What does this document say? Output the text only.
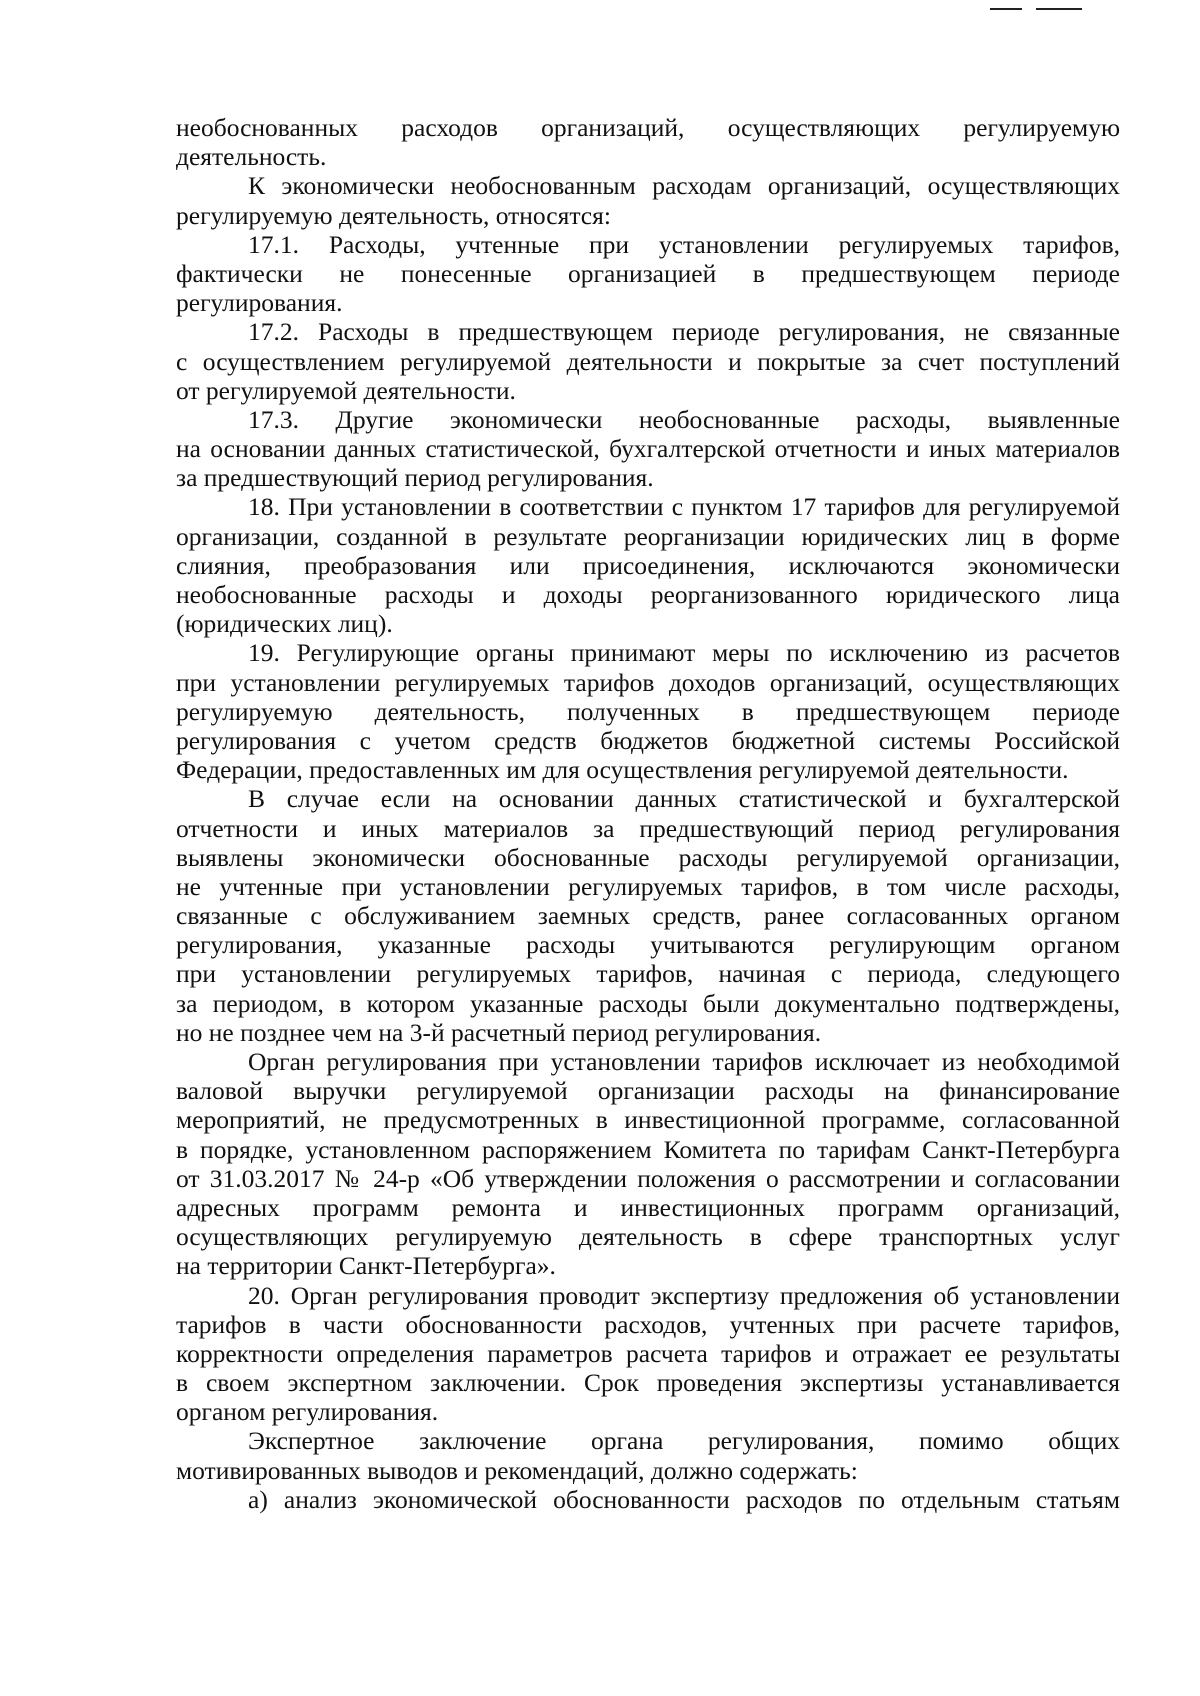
необоснованных расходов организаций, осуществляющих регулируемую
деятельность.
К экономически необоснованным расходам организаций, осуществляющих
регулируемую деятельность, относятся:
17.1. Расходы, учтенные при установлении регулируемых тарифов,
фактически не понесенные организацией в предшествующем периоде
регулирования.
17.2. Расходы в предшествующем периоде регулирования, не связанные
с осуществлением регулируемой деятельности и покрытые за счет поступлений
от регулируемой деятельности.
17.3. Другие экономически необоснованные расходы, выявленные
на основании данных статистической, бухгалтерской отчетности и иных материалов
за предшествующий период регулирования.
18. При установлении в соответствии с пунктом 17 тарифов для регулируемой
организации, созданной в результате реорганизации юридических лиц в форме
слияния, преобразования или присоединения, исключаются экономически
необоснованные расходы и доходы реорганизованного юридического лица
(юридических лиц).
19. Регулирующие органы принимают меры по исключению из расчетов
при установлении регулируемых тарифов доходов организаций, осуществляющих
регулируемую деятельность, полученных в предшествующем периоде
регулирования с учетом средств бюджетов бюджетной системы Российской
Федерации, предоставленных им для осуществления регулируемой деятельности.
В случае если на основании данных статистической и бухгалтерской
отчетности и иных материалов за предшествующий период регулирования
выявлены экономически обоснованные расходы регулируемой организации,
не учтенные при установлении регулируемых тарифов, в том числе расходы,
связанные с обслуживанием заемных средств, ранее согласованных органом
регулирования, указанные расходы учитываются регулирующим органом
при установлении регулируемых тарифов, начиная с периода, следующего
за периодом, в котором указанные расходы были документально подтверждены,
но не позднее чем на 3-й расчетный период регулирования.
Орган регулирования при установлении тарифов исключает из необходимой
валовой выручки регулируемой организации расходы на финансирование
мероприятий, не предусмотренных в инвестиционной программе, согласованной
в порядке, установленном распоряжением Комитета по тарифам Санкт-Петербурга
от 31.03.2017 № 24-р «Об утверждении положения о рассмотрении и согласовании
адресных программ ремонта и инвестиционных программ организаций,
осуществляющих регулируемую деятельность в сфере транспортных услуг
на территории Санкт-Петербурга».
20. Орган регулирования проводит экспертизу предложения об установлении
тарифов в части обоснованности расходов, учтенных при расчете тарифов,
корректности определения параметров расчета тарифов и отражает ее результаты
в своем экспертном заключении. Срок проведения экспертизы устанавливается
органом регулирования.
Экспертное заключение органа регулирования, помимо общих
мотивированных выводов и рекомендаций, должно содержать:
а) анализ экономической обоснованности расходов по отдельным статьям
